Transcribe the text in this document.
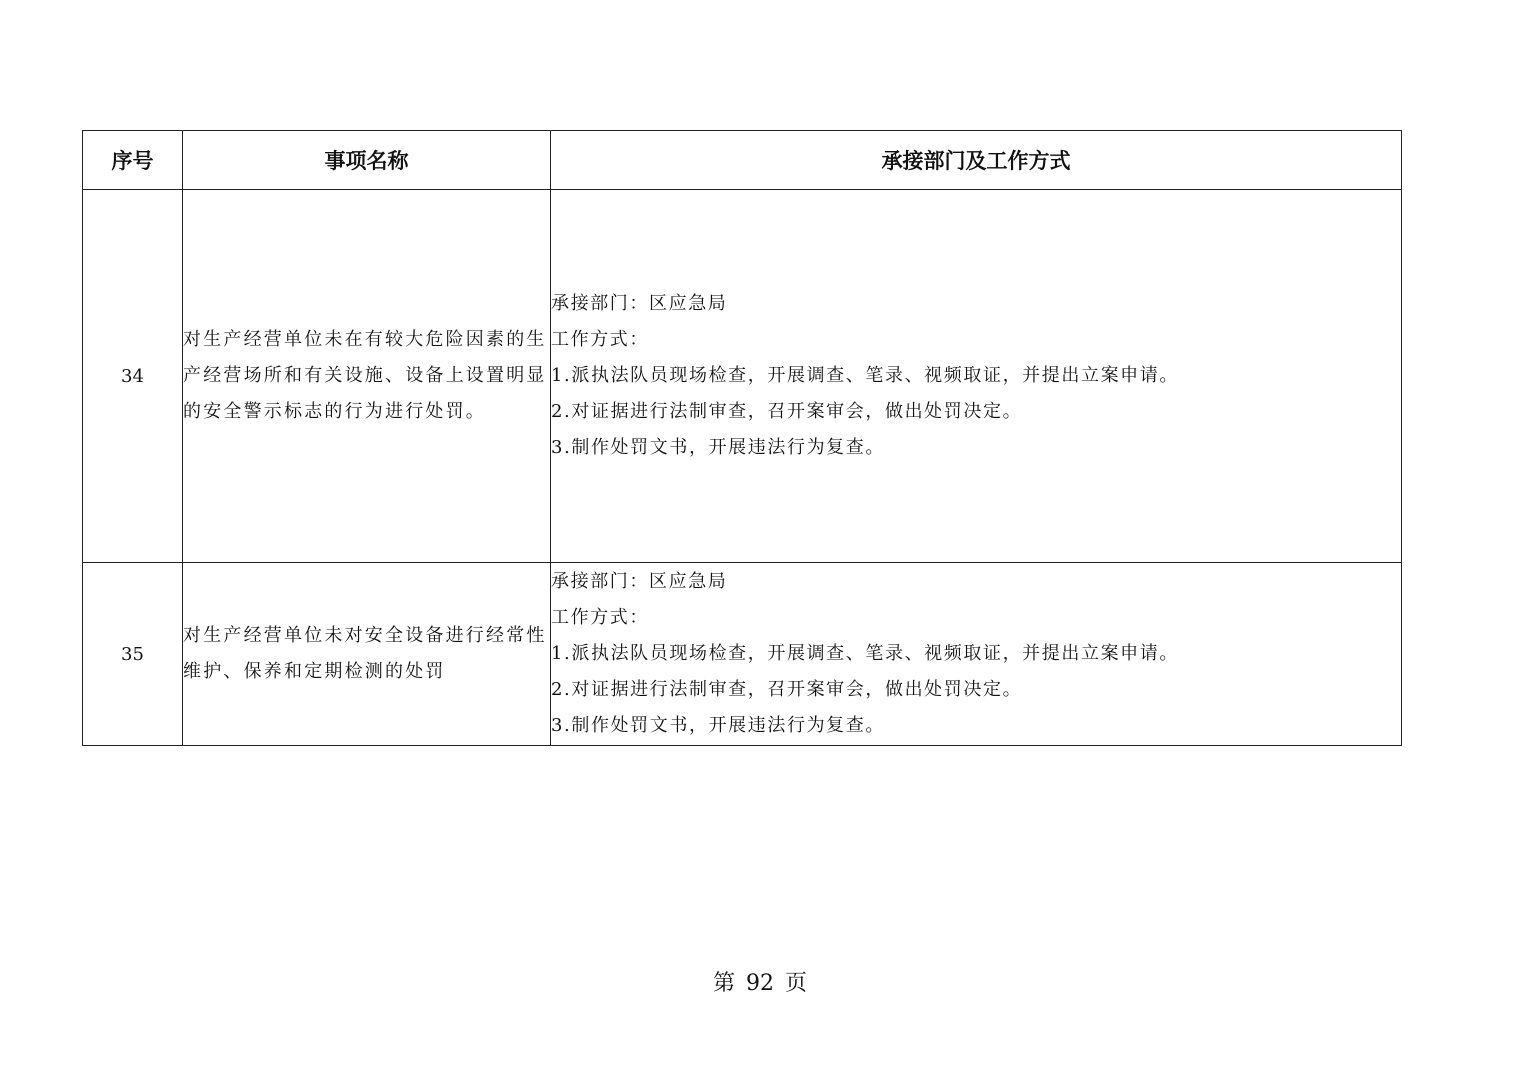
序号	事项名称	承接部门及工作方式
34	对生产经营单位未在有较大危险因素的生产经营场所和有关设施、设备上设置明显的安全警示标志的行为进行处罚。	承接部门：区应急局
工作方式：
1.派执法队员现场检查，开展调查、笔录、视频取证，并提出立案申请。
2.对证据进行法制审查，召开案审会，做出处罚决定。
3.制作处罚文书，开展违法行为复查。

35	对生产经营单位未对安全设备进行经常性维护、保养和定期检测的处罚	承接部门：区应急局
工作方式：
1.派执法队员现场检查，开展调查、笔录、视频取证，并提出立案申请。
2.对证据进行法制审查，召开案审会，做出处罚决定。
3.制作处罚文书，开展违法行为复查。
第 92 页
